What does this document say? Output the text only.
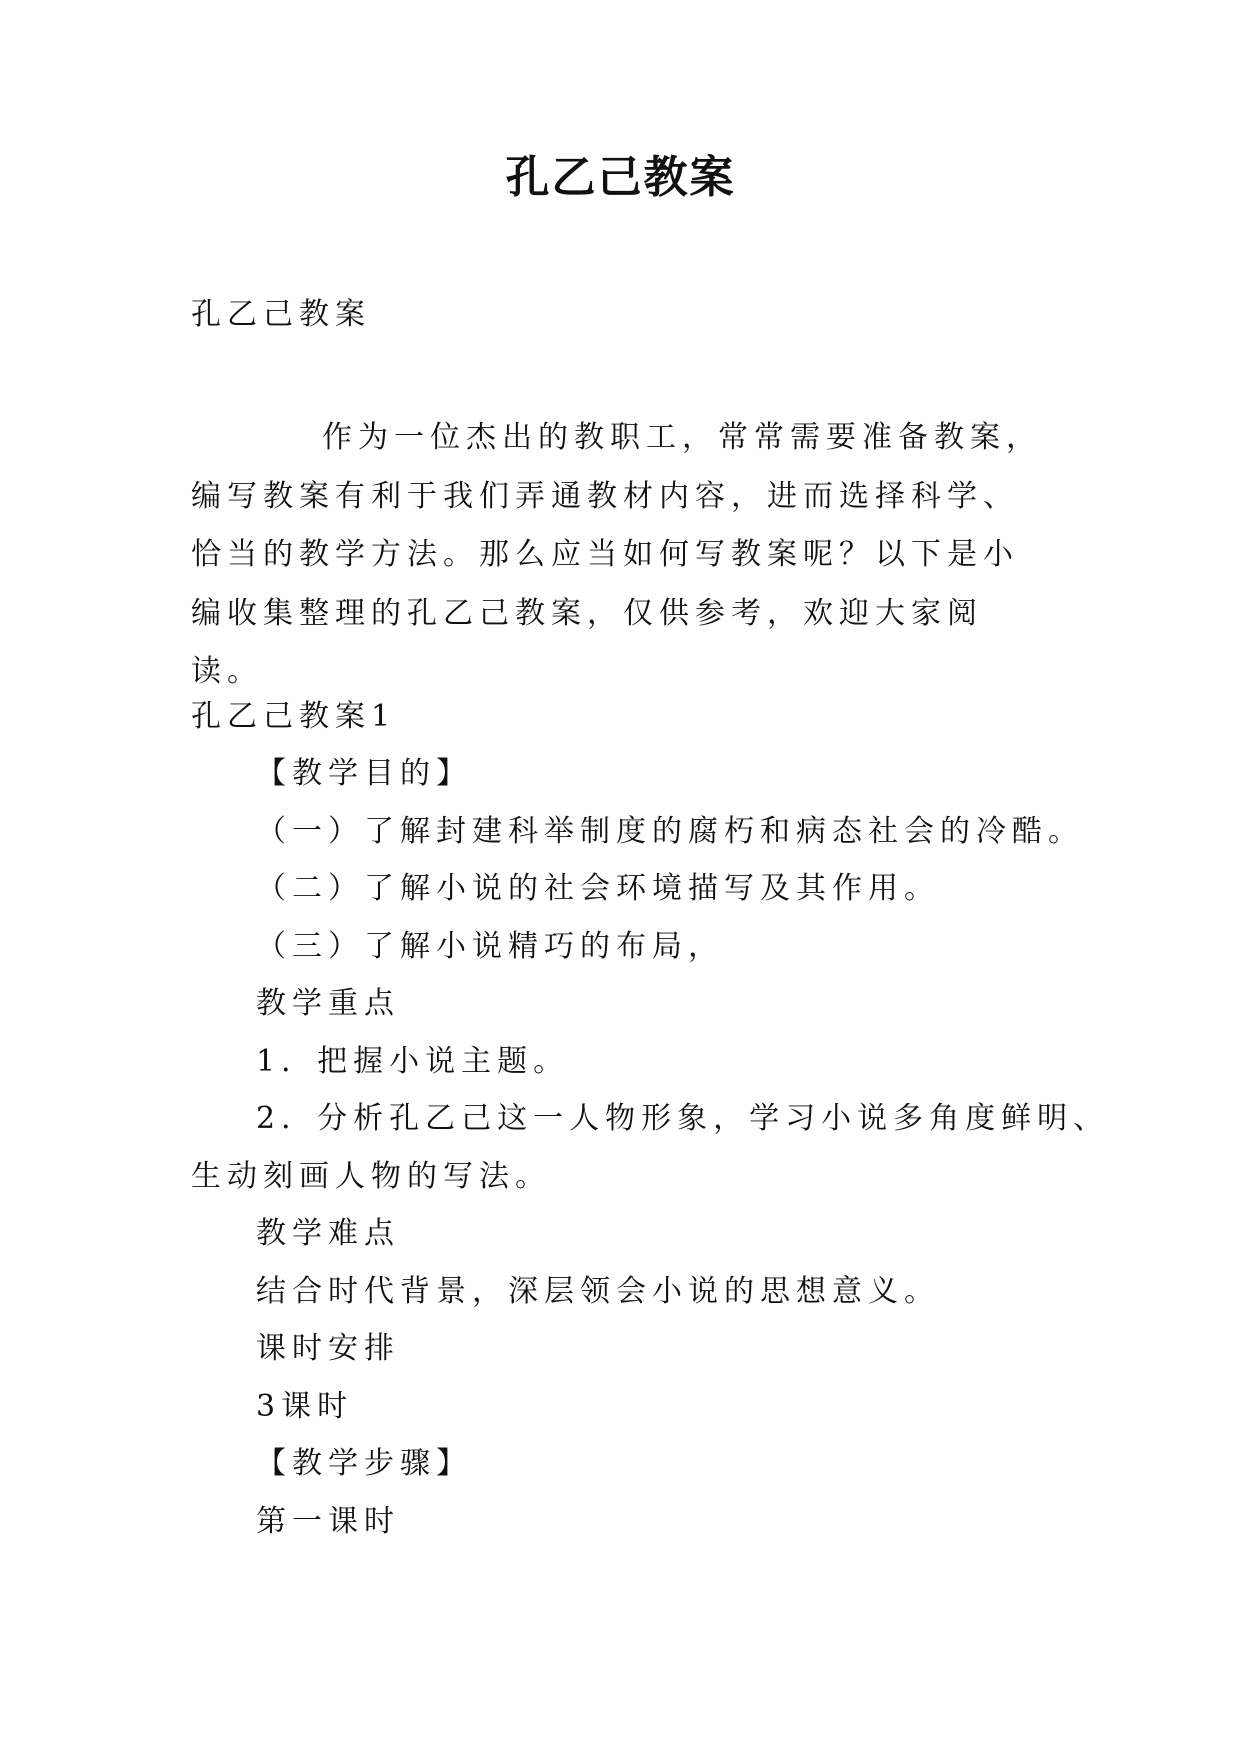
孔乙己教案
孔乙己教案
作为一位杰出的教职工，常常需要准备教案，编写教案有利于我们弄通教材内容，进而选择科学、恰当的教学方法。那么应当如何写教案呢？以下是小编收集整理的孔乙己教案，仅供参考，欢迎大家阅读。
孔乙己教案1
【教学目的】
（一）了解封建科举制度的腐朽和病态社会的冷酷。
（二）了解小说的社会环境描写及其作用。
（三）了解小说精巧的布局，
教学重点
1．把握小说主题。
2．分析孔乙己这一人物形象，学习小说多角度鲜明、
生动刻画人物的写法。
教学难点
结合时代背景，深层领会小说的思想意义。
课时安排
3课时
【教学步骤】
第一课时
